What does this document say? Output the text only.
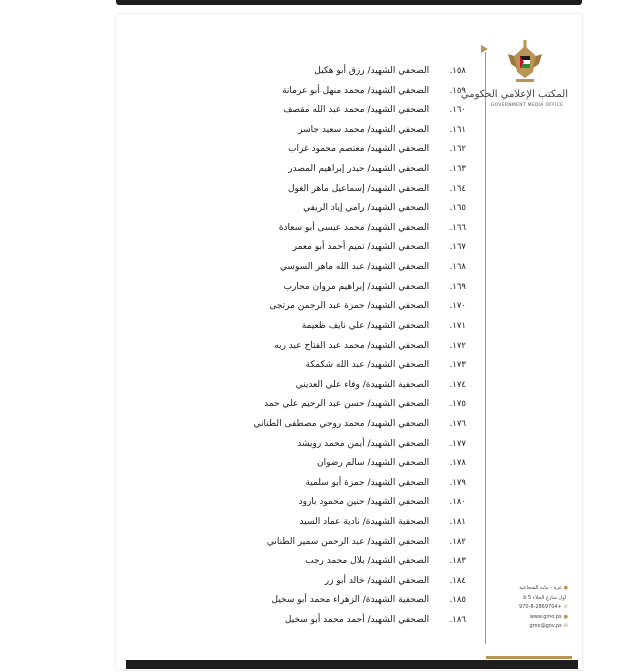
المكتب الإعلامي الحكومي
GOVERNMENT MEDIA OFFICE
١٥٨. الصحفي الشهيد/ رزق أبو هكيل
١٥٩. الصحفي الشهيد/ محمد منهل أبو عرمانة
١٦٠. الصحفي الشهيد/ محمد عبد الله مقصف
١٦١. الصحفي الشهيد/ محمد سعيد جاسر
١٦٢. الصحفي الشهيد/ معتصم محمود غراب
١٦٣. الصحفي الشهيد/ حيدر إبراهيم المصدر
١٦٤. الصحفي الشهيد/ إسماعيل ماهر الغول
١٦٥. الصحفي الشهيد/ رامي إياد الريفي
١٦٦. الصحفي الشهيد/ محمد عيسى أبو سعادة
١٦٧. الصحفي الشهيد/ تميم أحمد أبو معمر
١٦٨. الصحفي الشهيد/ عبد الله ماهر السوسي
١٦٩. الصحفي الشهيد/ إبراهيم مروان محارب
١٧٠. الصحفي الشهيد/ حمزة عبد الرحمن مرتجى
١٧١. الصحفي الشهيد/ علي نايف ظعيمة
١٧٢. الصحفي الشهيد/ محمد عبد الفتاح عبد ربه
١٧٣. الصحفي الشهيد/ عبد الله شكمكة
١٧٤. الصحفية الشهيدة/ وفاء علي العديني
١٧٥. الصحفي الشهيد/ حسن عبد الرحيم علي حمد
١٧٦. الصحفي الشهيد/ محمد روحي مصطفى الطناني
١٧٧. الصحفي الشهيد/ أيمن محمد رويشد
١٧٨. الصحفي الشهيد/ سالم رضوان
١٧٩. الصحفي الشهيد/ حمزة أبو سلمية
١٨٠. الصحفي الشهيد/ حنين محمود بارود
١٨١. الصحفية الشهيدة/ نادية عماد السيد
١٨٢. الصحفي الشهيد/ عبد الرحمن سمير الطناني
١٨٣. الصحفي الشهيد/ بلال محمد رجب
١٨٤. الصحفي الشهيد/ خالد أبو زر
١٨٥. الصحفية الشهيدة/ الزهراء محمد أبو سخيل
١٨٦. الصحفي الشهيد/ أحمد محمد أبو سخيل
●غزة - بناية الشجاعية
أول شارع الجلاء 5 b
✆+970-8-2869704
●www.gmo.ps
✉gmo@gov.ps
